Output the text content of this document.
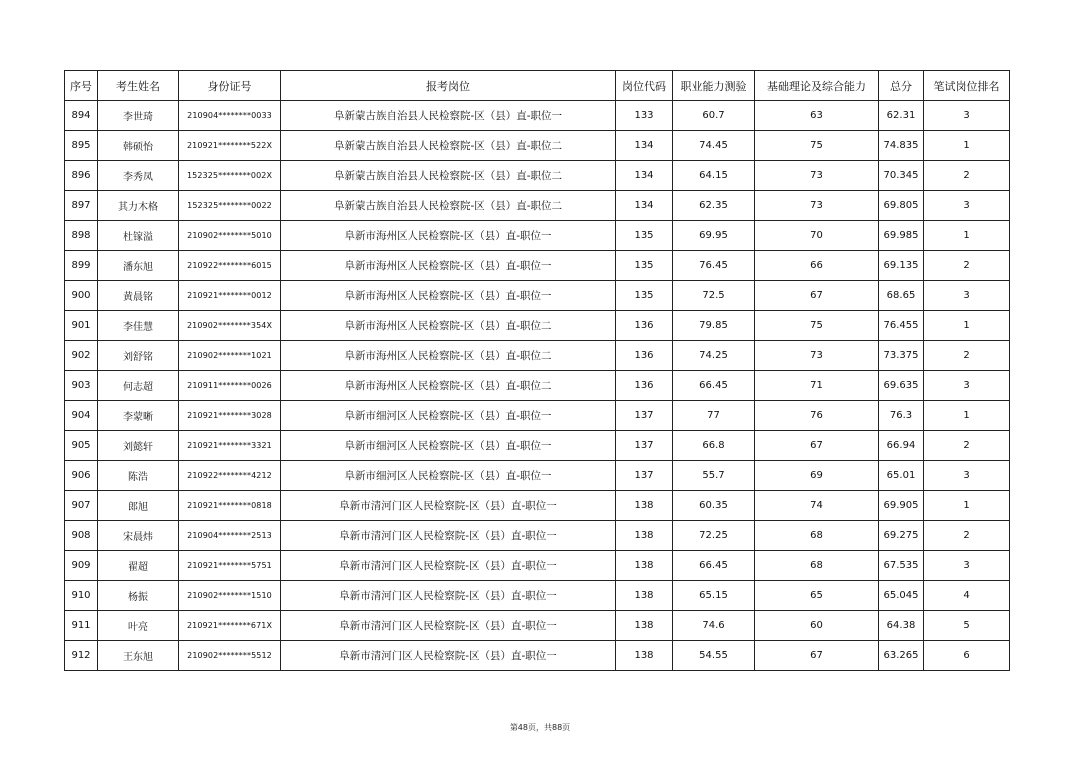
序号	考生姓名	身份证号	报考岗位	岗位代码	职业能力测验	基础理论及综合能力	总分	笔试岗位排名
894	李世琦	210904********0033	阜新蒙古族自治县人民检察院-区（县）直-职位一	133	60.7	63	62.31	3
895	韩硕怡	210921********522X	阜新蒙古族自治县人民检察院-区（县）直-职位二	134	74.45	75	74.835	1
896	李秀凤	152325********002X	阜新蒙古族自治县人民检察院-区（县）直-职位二	134	64.15	73	70.345	2
897	其力木格	152325********0022	阜新蒙古族自治县人民检察院-区（县）直-职位二	134	62.35	73	69.805	3
898	杜镓溢	210902********5010	阜新市海州区人民检察院-区（县）直-职位一	135	69.95	70	69.985	1
899	潘东旭	210922********6015	阜新市海州区人民检察院-区（县）直-职位一	135	76.45	66	69.135	2
900	黄晨铭	210921********0012	阜新市海州区人民检察院-区（县）直-职位一	135	72.5	67	68.65	3
901	李佳慧	210902********354X	阜新市海州区人民检察院-区（县）直-职位二	136	79.85	75	76.455	1
902	刘舒铭	210902********1021	阜新市海州区人民检察院-区（县）直-职位二	136	74.25	73	73.375	2
903	何志超	210911********0026	阜新市海州区人民检察院-区（县）直-职位二	136	66.45	71	69.635	3
904	李蒙晰	210921********3028	阜新市细河区人民检察院-区（县）直-职位一	137	77	76	76.3	1
905	刘懿轩	210921********3321	阜新市细河区人民检察院-区（县）直-职位一	137	66.8	67	66.94	2
906	陈浩	210922********4212	阜新市细河区人民检察院-区（县）直-职位一	137	55.7	69	65.01	3
907	郎旭	210921********0818	阜新市清河门区人民检察院-区（县）直-职位一	138	60.35	74	69.905	1
908	宋晨炜	210904********2513	阜新市清河门区人民检察院-区（县）直-职位一	138	72.25	68	69.275	2
909	翟超	210921********5751	阜新市清河门区人民检察院-区（县）直-职位一	138	66.45	68	67.535	3
910	杨振	210902********1510	阜新市清河门区人民检察院-区（县）直-职位一	138	65.15	65	65.045	4
911	叶亮	210921********671X	阜新市清河门区人民检察院-区（县）直-职位一	138	74.6	60	64.38	5
912	王东旭	210902********5512	阜新市清河门区人民检察院-区（县）直-职位一	138	54.55	67	63.265	6
第48页，共88页
